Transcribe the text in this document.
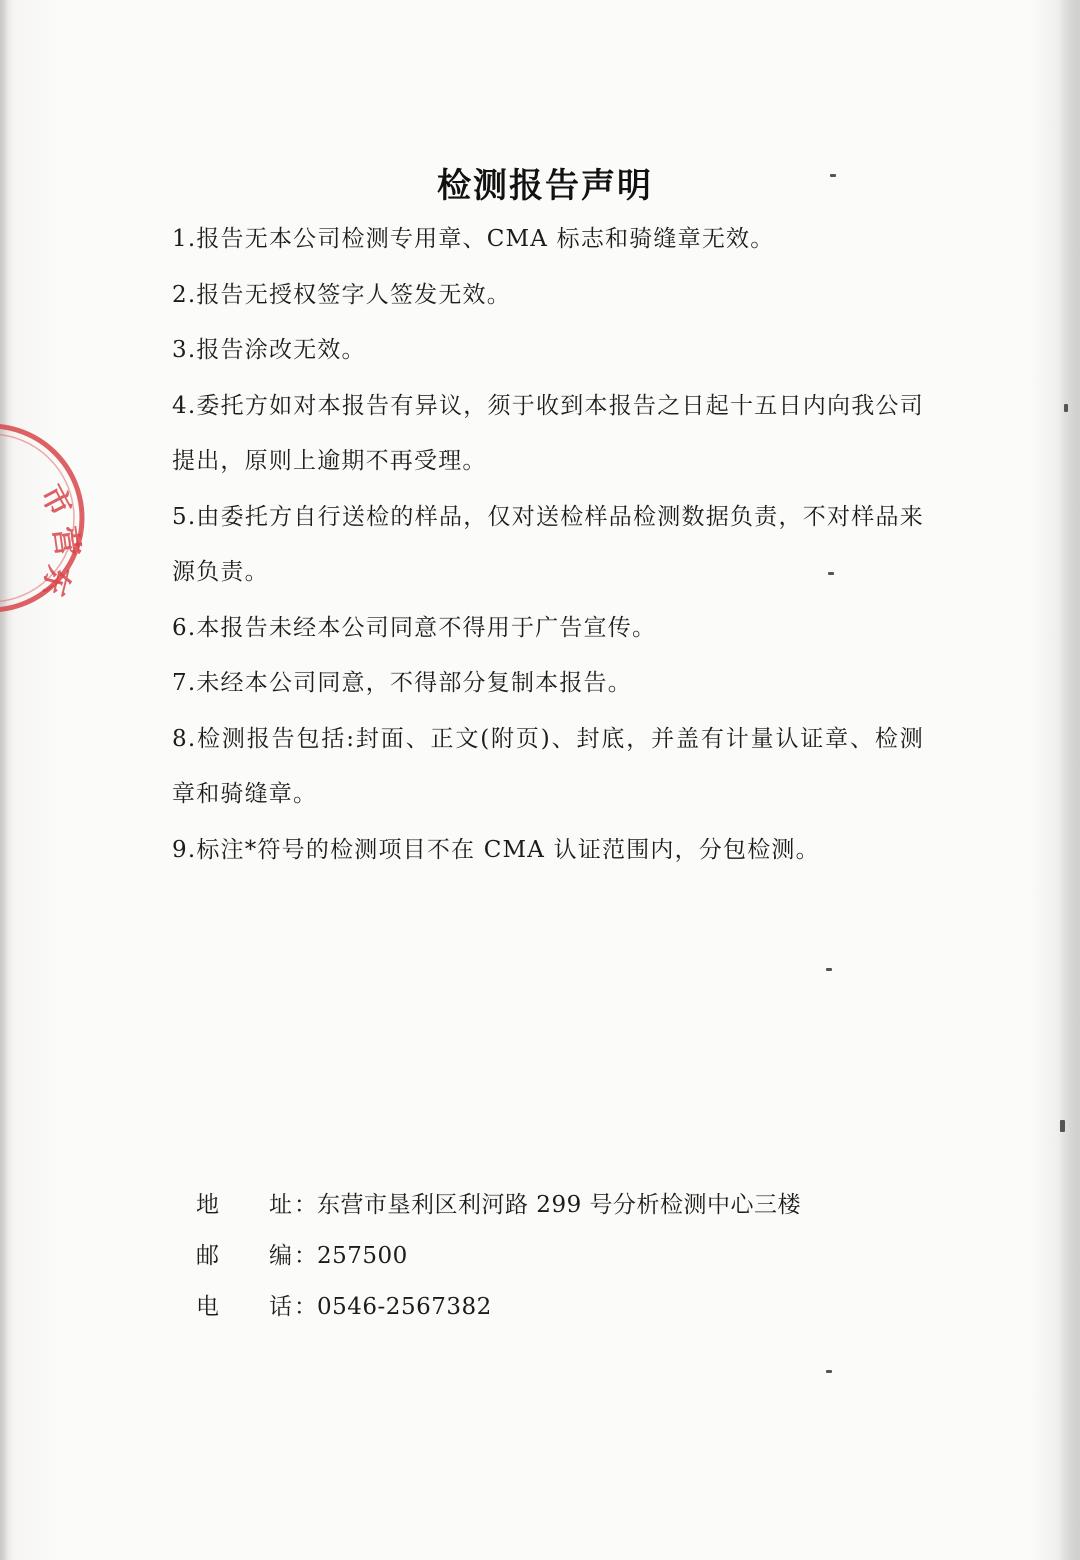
市
营
东
检测报告声明
1.报告无本公司检测专用章、CMA 标志和骑缝章无效。
2.报告无授权签字人签发无效。
3.报告涂改无效。
4.委托方如对本报告有异议，须于收到本报告之日起十五日内向我公司提出，原则上逾期不再受理。
5.由委托方自行送检的样品，仅对送检样品检测数据负责，不对样品来源负责。
6.本报告未经本公司同意不得用于广告宣传。
7.未经本公司同意，不得部分复制本报告。
8.检测报告包括:封面、正文(附页)、封底，并盖有计量认证章、检测章和骑缝章。
9.标注*符号的检测项目不在 CMA 认证范围内，分包检测。
地 址 ： 东营市垦利区利河路 299 号分析检测中心三楼
邮 编 ： 257500
电 话 ： 0546-2567382
